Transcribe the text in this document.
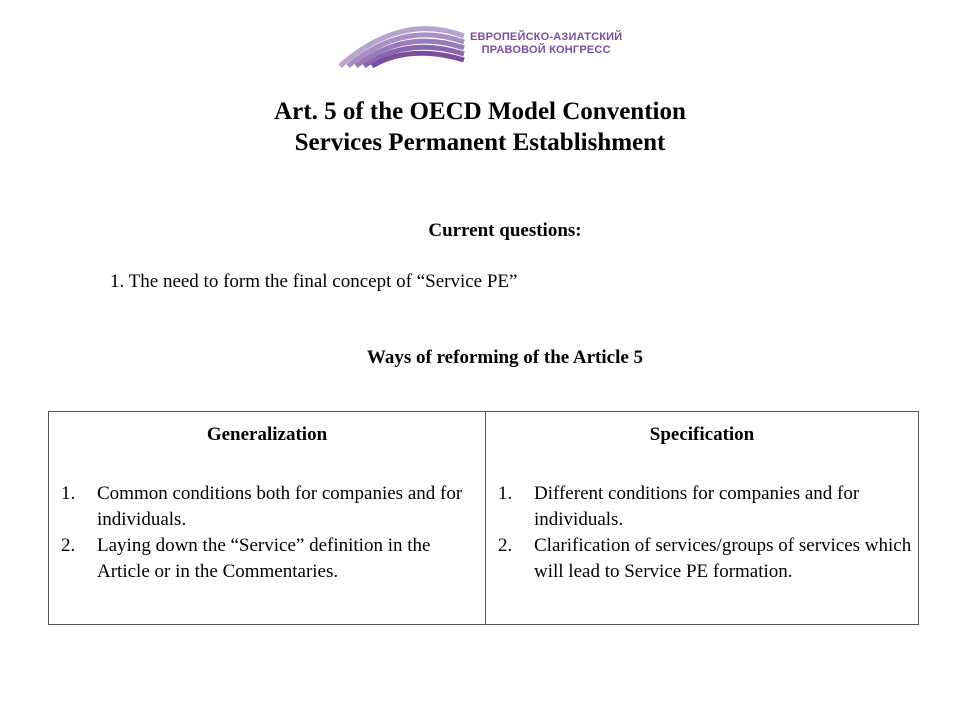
ЕВРОПЕЙСКО-АЗИАТСКИЙ
ПРАВОВОЙ КОНГРЕСС
Art. 5 of the OECD Model Convention
Services Permanent Establishment
Current questions:
1. The need to form the final concept of “Service PE”
Ways of reforming of the Article 5
Generalization
1. Common conditions both for companies and for individuals.
2. Laying down the “Service” definition in the Article or in the Commentaries.
Specification
1. Different conditions for companies and for individuals.
2. Clarification of services/groups of services which will lead to Service PE formation.
